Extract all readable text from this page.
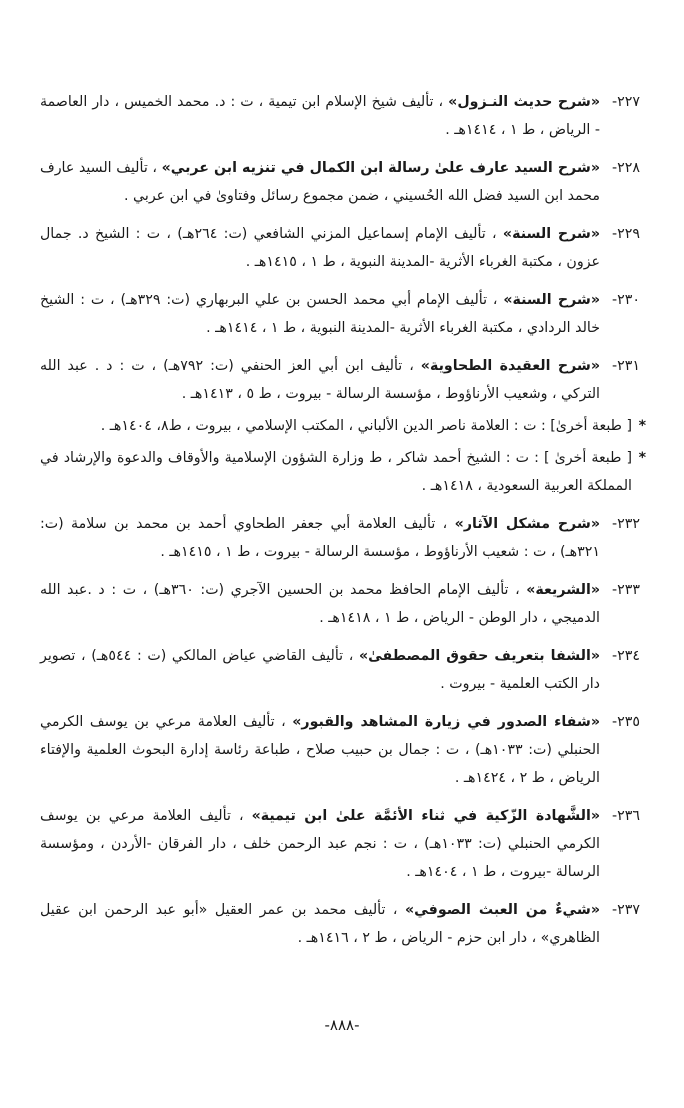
٢٢٧-
«شرح حديث النـزول» ، تأليف شيخ الإسلام ابن تيمية ، ت : د. محمد الخميس ، دار العاصمة - الرياض ، ط ١ ، ١٤١٤هـ .
٢٢٨-
«شرح السيد عارف علىٰ رسالة ابن الكمال في تنزيه ابن عربي» ، تأليف السيد عارف محمد ابن السيد فضل الله الحُسيني ، ضمن مجموع رسائل وفتاوىٰ في ابن عربي .
٢٢٩-
«شرح السنة» ، تأليف الإمام إسماعيل المزني الشافعي (ت: ٢٦٤هـ) ، ت : الشيخ د. جمال عزون ، مكتبة الغرباء الأثرية -المدينة النبوية ، ط ١ ، ١٤١٥هـ .
٢٣٠-
«شرح السنة» ، تأليف الإمام أبي محمد الحسن بن علي البربهاري (ت: ٣٢٩هـ) ، ت : الشيخ خالد الردادي ، مكتبة الغرباء الأثرية -المدينة النبوية ، ط ١ ، ١٤١٤هـ .
٢٣١-
«شرح العقيدة الطحاوية» ، تأليف ابن أبي العز الحنفي (ت: ٧٩٢هـ) ، ت : د . عبد الله التركي ، وشعيب الأرناؤوط ، مؤسسة الرسالة - بيروت ، ط ٥ ، ١٤١٣هـ .
*
[ طبعة أخرىٰ] : ت : العلامة ناصر الدين الألباني ، المكتب الإسلامي ، بيروت ، ط٨، ١٤٠٤هـ .
*
[ طبعة أخرىٰ ] : ت : الشيخ أحمد شاكر ، ط وزارة الشؤون الإسلامية والأوقاف والدعوة والإرشاد في المملكة العربية السعودية ، ١٤١٨هـ .
٢٣٢-
«شرح مشكل الآثار» ، تأليف العلامة أبي جعفر الطحاوي أحمد بن محمد بن سلامة (ت: ٣٢١هـ) ، ت : شعيب الأرناؤوط ، مؤسسة الرسالة - بيروت ، ط ١ ، ١٤١٥هـ .
٢٣٣-
«الشريعة» ، تأليف الإمام الحافظ محمد بن الحسين الآجري (ت: ٣٦٠هـ) ، ت : د .عبد الله الدميجي ، دار الوطن - الرياض ، ط ١ ، ١٤١٨هـ .
٢٣٤-
«الشفا بتعريف حقوق المصطفىٰ» ، تأليف القاضي عياض المالكي (ت : ٥٤٤هـ) ، تصوير دار الكتب العلمية - بيروت .
٢٣٥-
«شفاء الصدور في زيارة المشاهد والقبور» ، تأليف العلامة مرعي بن يوسف الكرمي الحنبلي (ت: ١٠٣٣هـ) ، ت : جمال بن حبيب صلاح ، طباعة رئاسة إدارة البحوث العلمية والإفتاء الرياض ، ط ٢ ، ١٤٢٤هـ .
٢٣٦-
«الشَّهادة الزّكية في ثناء الأئمَّة علىٰ ابن تيمية» ، تأليف العلامة مرعي بن يوسف الكرمي الحنبلي (ت: ١٠٣٣هـ) ، ت : نجم عبد الرحمن خلف ، دار الفرقان -الأردن ، ومؤسسة الرسالة -بيروت ، ط ١ ، ١٤٠٤هـ .
٢٣٧-
«شيءٌ من العبث الصوفي» ، تأليف محمد بن عمر العقيل «أبو عبد الرحمن ابن عقيل الظاهري» ، دار ابن حزم - الرياض ، ط ٢ ، ١٤١٦هـ .
-٨٨٨-
